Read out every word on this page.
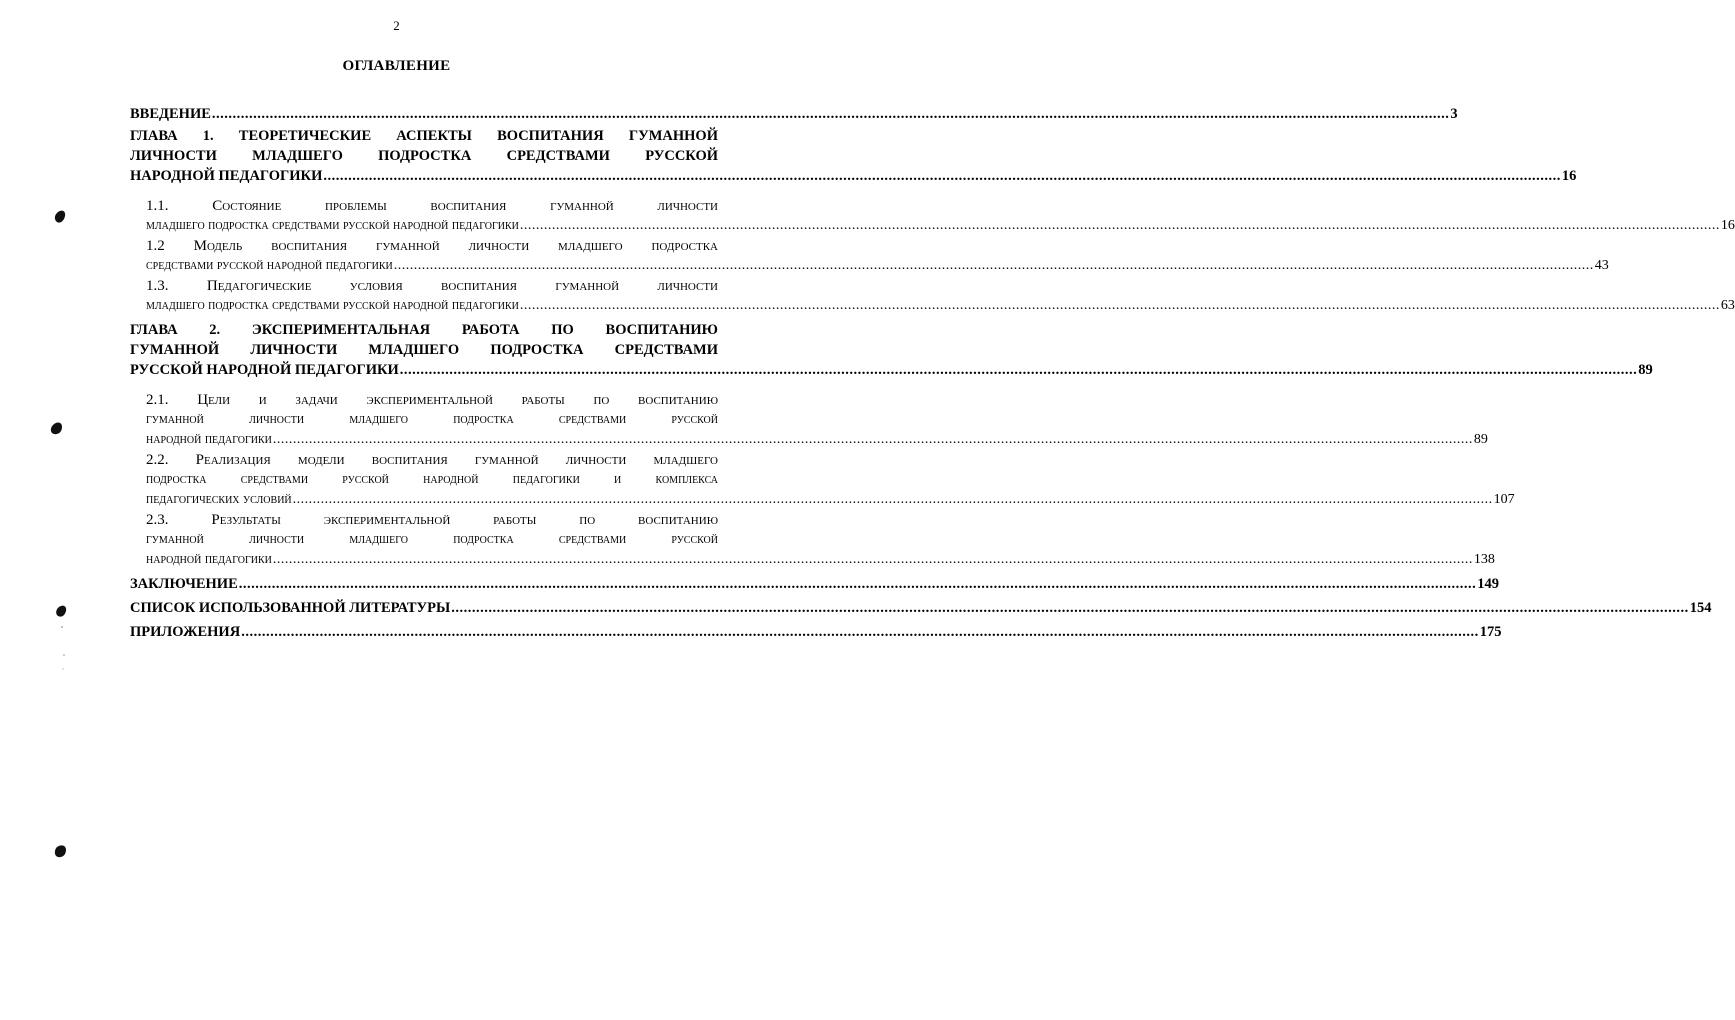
2
ОГЛАВЛЕНИЕ
ВВЕДЕНИЕ ............................................................................................................................................................................................................................................................................................................ 3
ГЛАВА 1. ТЕОРЕТИЧЕСКИЕ АСПЕКТЫ ВОСПИТАНИЯ ГУМАННОЙ
ЛИЧНОСТИ МЛАДШЕГО ПОДРОСТКА СРЕДСТВАМИ РУССКОЙ
НАРОДНОЙ ПЕДАГОГИКИ ............................................................................................................................................................................................................................................................................................................ 16
1.1. Состояние проблемы воспитания гуманной личности
младшего подростка средствами русской народной педагогики ............................................................................................................................................................................................................................................................................................................ 16
1.2 Модель воспитания гуманной личности младшего подростка
средствами русской народной педагогики ............................................................................................................................................................................................................................................................................................................ 43
1.3. Педагогические условия воспитания гуманной личности
младшего подростка средствами русской народной педагогики ............................................................................................................................................................................................................................................................................................................ 63
ГЛАВА 2. ЭКСПЕРИМЕНТАЛЬНАЯ РАБОТА ПО ВОСПИТАНИЮ
ГУМАННОЙ ЛИЧНОСТИ МЛАДШЕГО ПОДРОСТКА СРЕДСТВАМИ
РУССКОЙ НАРОДНОЙ ПЕДАГОГИКИ ............................................................................................................................................................................................................................................................................................................ 89
2.1. Цели и задачи экспериментальной работы по воспитанию
гуманной личности младшего подростка средствами русской
народной педагогики ............................................................................................................................................................................................................................................................................................................ 89
2.2. Реализация модели воспитания гуманной личности младшего
подростка средствами русской народной педагогики и комплекса
педагогических условий ............................................................................................................................................................................................................................................................................................................ 107
2.3. Результаты экспериментальной работы по воспитанию
гуманной личности младшего подростка средствами русской
народной педагогики ............................................................................................................................................................................................................................................................................................................ 138
ЗАКЛЮЧЕНИЕ ............................................................................................................................................................................................................................................................................................................ 149
СПИСОК ИСПОЛЬЗОВАННОЙ ЛИТЕРАТУРЫ ............................................................................................................................................................................................................................................................................................................ 154
ПРИЛОЖЕНИЯ ............................................................................................................................................................................................................................................................................................................ 175
